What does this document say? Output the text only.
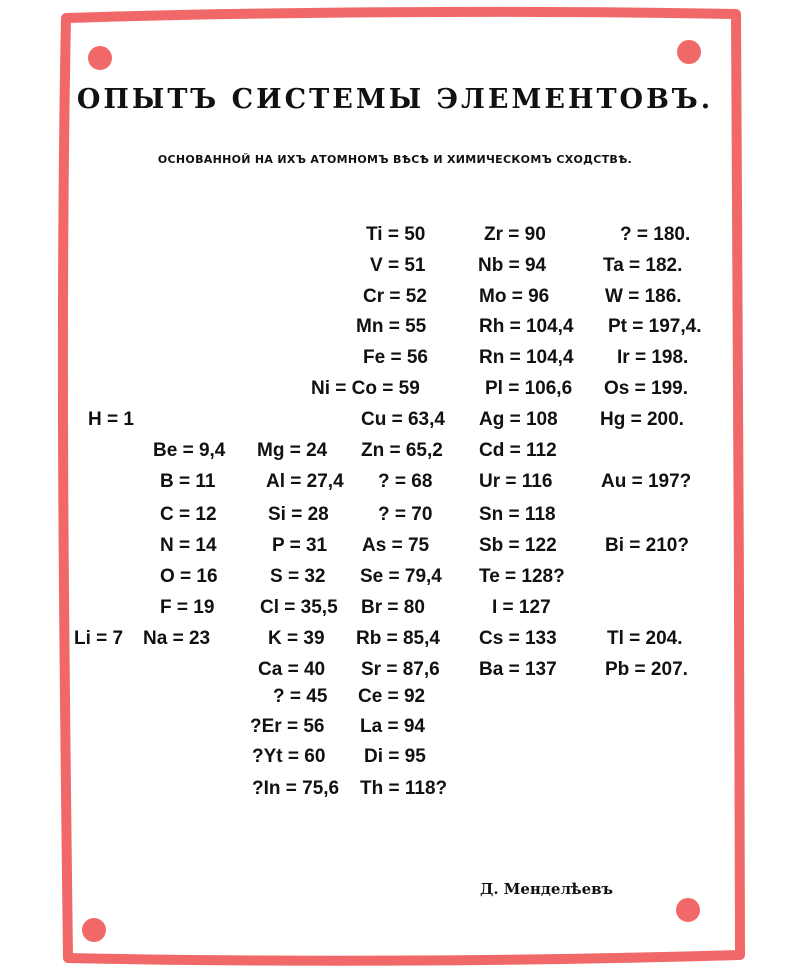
ОПЫТЪ СИСТЕМЫ ЭЛЕМЕНТОВЪ.
ОСНОВАННОЙ НА ИХЪ АТОМНОМЪ ВѢСѢ И ХИМИЧЕСКОМЪ СХОДСТВѢ.
H = 1
Li = 7
Be = 9,4
B = 11
C = 12
N = 14
O = 16
F = 19
Na = 23
Mg = 24
Al = 27,4
Si = 28
P = 31
S = 32
Cl = 35,5
K = 39
Ca = 40
? = 45
?Er = 56
?Yt = 60
?In = 75,6
Ti = 50
V = 51
Cr = 52
Mn = 55
Fe = 56
Ni = Co = 59
Cu = 63,4
Zn = 65,2
? = 68
? = 70
As = 75
Se = 79,4
Br = 80
Rb = 85,4
Sr = 87,6
Ce = 92
La = 94
Di = 95
Th = 118?
Zr = 90
Nb = 94
Mo = 96
Rh = 104,4
Rn = 104,4
Pl = 106,6
Ag = 108
Cd = 112
Ur = 116
Sn = 118
Sb = 122
Te = 128?
I = 127
Cs = 133
Ba = 137
? = 180.
Ta = 182.
W = 186.
Pt = 197,4.
Ir = 198.
Os = 199.
Hg = 200.
Au = 197?
Bi = 210?
Tl = 204.
Pb = 207.
Д. Менделѣевъ
